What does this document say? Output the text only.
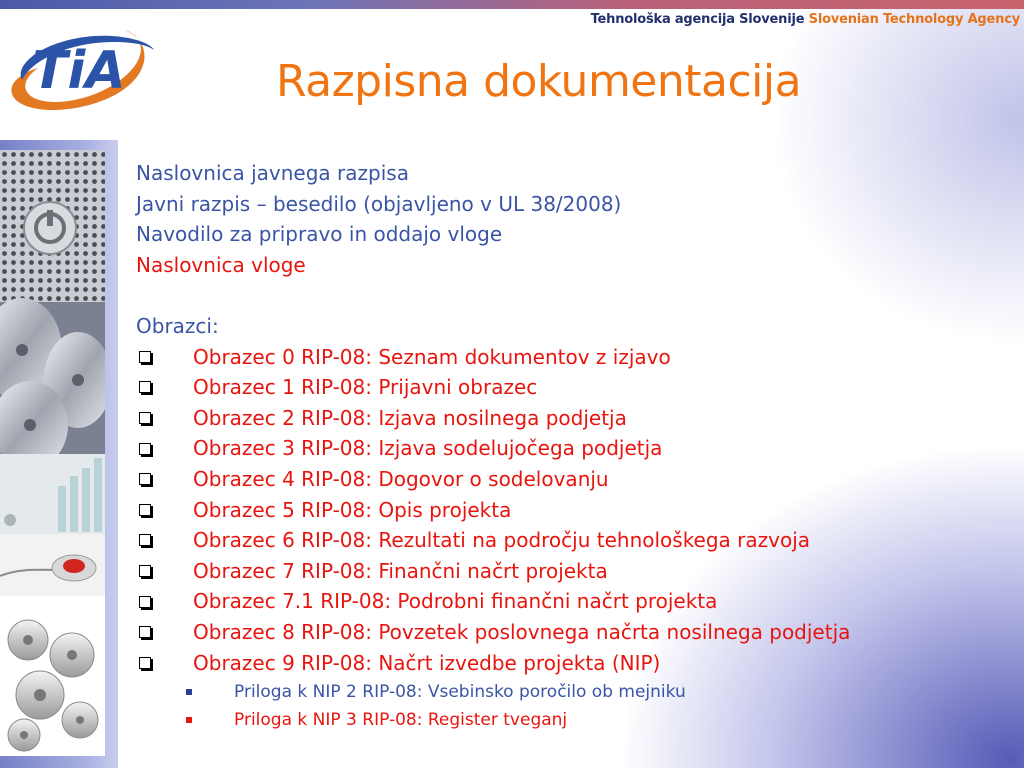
Tehnološka agencija Slovenije Slovenian Technology Agency
TiA	Razpisna dokumentacija
Naslovnica javnega razpisa
Javni razpis – besedilo (objavljeno v UL 38/2008)
Navodilo za pripravo in oddajo vloge
Naslovnica vloge
Obrazci:
Obrazec 0 RIP-08: Seznam dokumentov z izjavo
Obrazec 1 RIP-08: Prijavni obrazec
Obrazec 2 RIP-08: Izjava nosilnega podjetja
Obrazec 3 RIP-08: Izjava sodelujočega podjetja
Obrazec 4 RIP-08: Dogovor o sodelovanju
Obrazec 5 RIP-08: Opis projekta
Obrazec 6 RIP-08: Rezultati na področju tehnološkega razvoja
Obrazec 7 RIP-08: Finančni načrt projekta
Obrazec 7.1 RIP-08: Podrobni finančni načrt projekta
Obrazec 8 RIP-08: Povzetek poslovnega načrta nosilnega podjetja
Obrazec 9 RIP-08: Načrt izvedbe projekta (NIP)
Priloga k NIP 2 RIP-08: Vsebinsko poročilo ob mejniku
Priloga k NIP 3 RIP-08: Register tveganj
